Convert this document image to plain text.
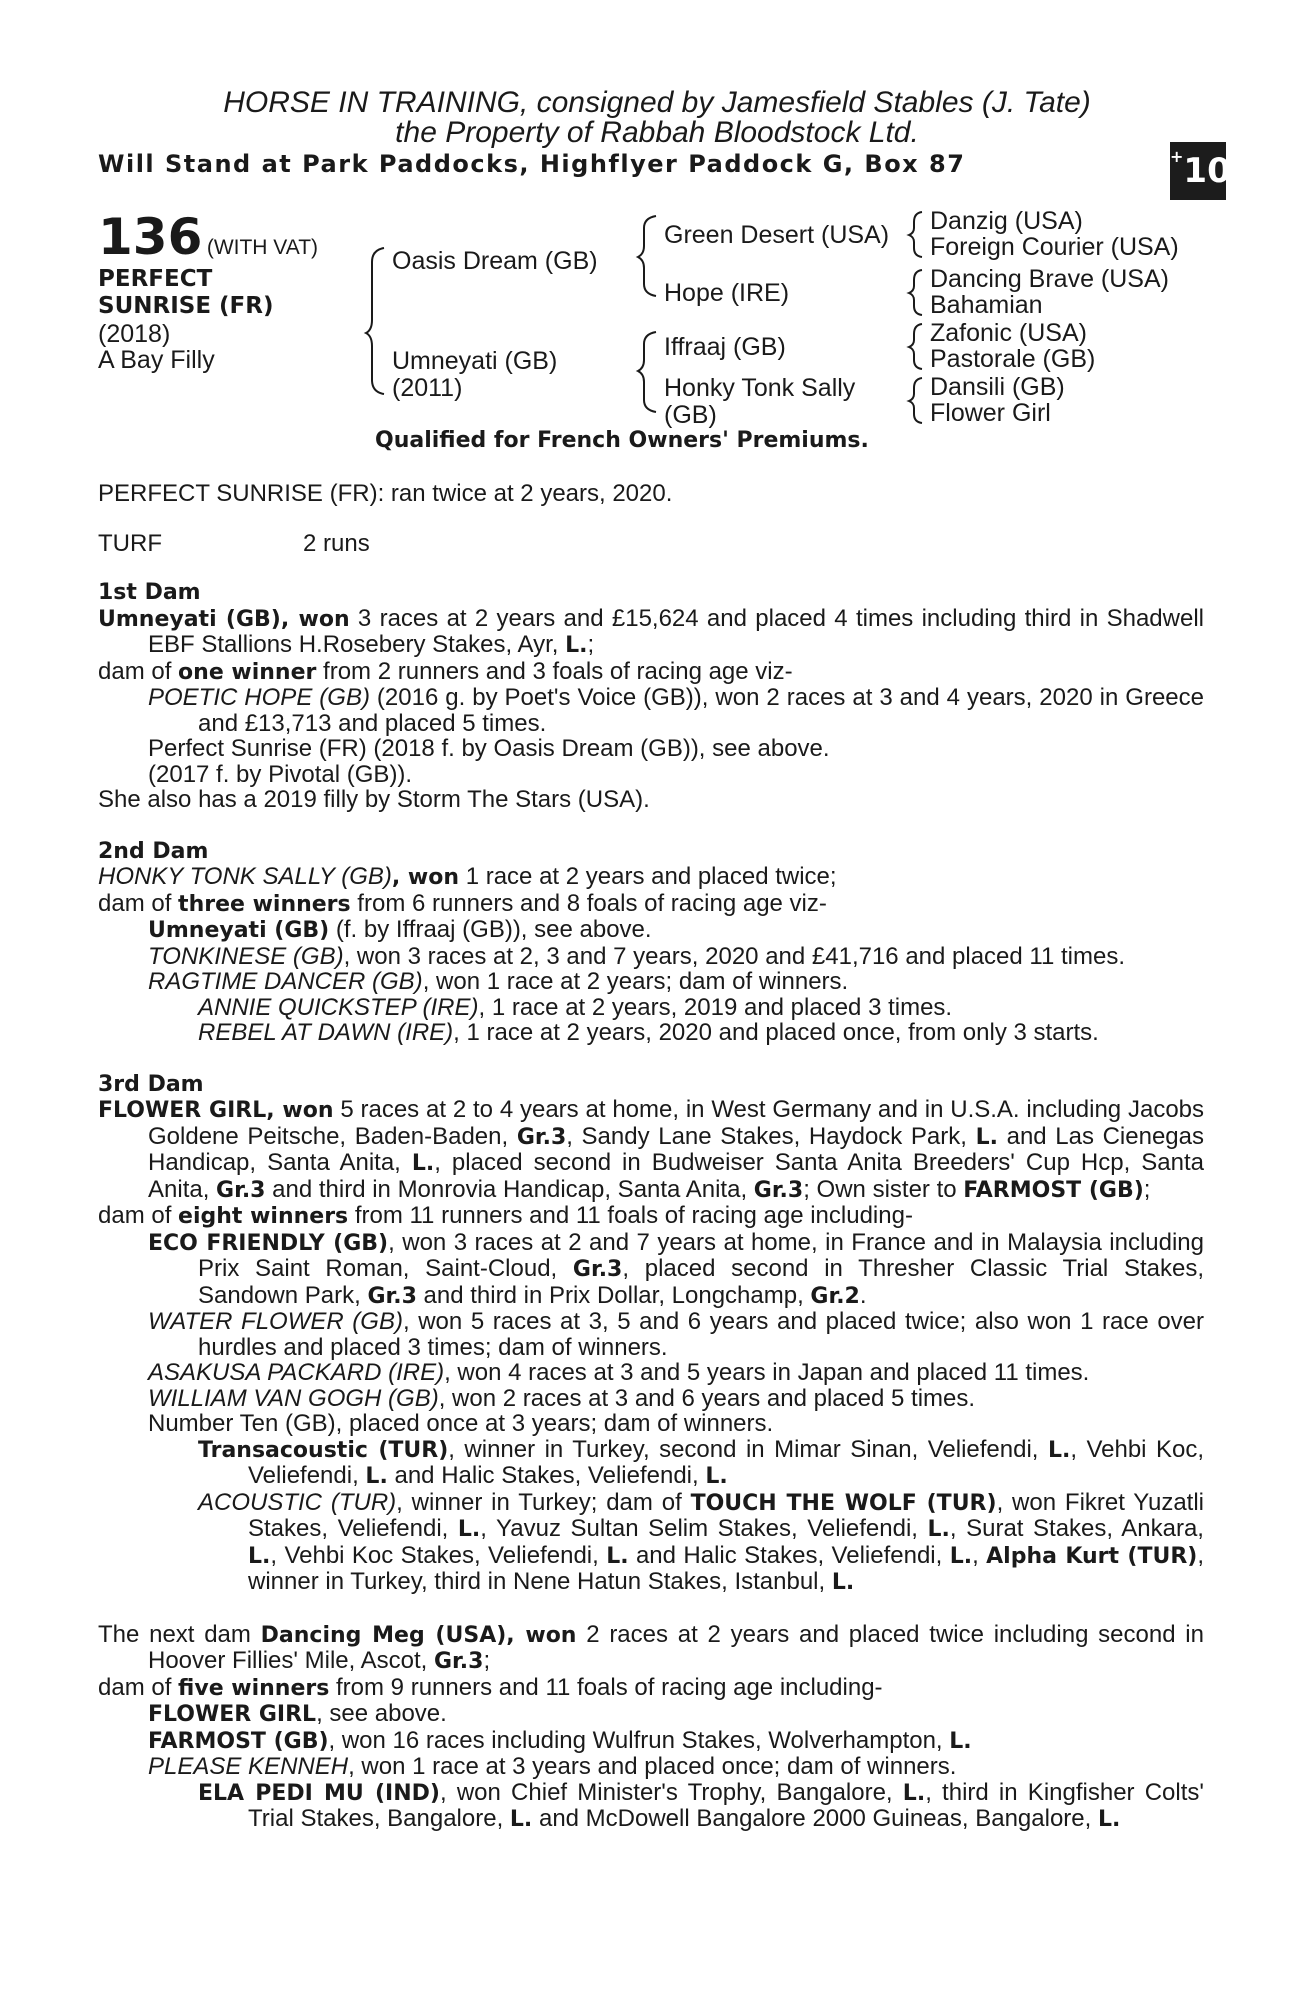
HORSE IN TRAINING, consigned by Jamesfield Stables (J. Tate)
the Property of Rabbah Bloodstock Ltd.
Will Stand at Park Paddocks, Highflyer Paddock G, Box 87	+10
136 (WITH VAT)
PERFECT
SUNRISE (FR)
(2018)
A Bay Filly
Oasis Dream (GB)
Umneyati (GB)
(2011)
Green Desert (USA)
Hope (IRE)
Iffraaj (GB)
Honky Tonk Sally
(GB)
Danzig (USA)
Foreign Courier (USA)
Dancing Brave (USA)
Bahamian
Zafonic (USA)
Pastorale (GB)
Dansili (GB)
Flower Girl
Qualified for French Owners' Premiums.
PERFECT SUNRISE (FR): ran twice at 2 years, 2020.
TURF	2 runs
1st Dam
Umneyati (GB), won 3 races at 2 years and £15,624 and placed 4 times including third in Shadwell EBF Stallions H.Rosebery Stakes, Ayr, L.;
dam of one winner from 2 runners and 3 foals of racing age viz-
POETIC HOPE (GB) (2016 g. by Poet's Voice (GB)), won 2 races at 3 and 4 years, 2020 in Greece and £13,713 and placed 5 times.
Perfect Sunrise (FR) (2018 f. by Oasis Dream (GB)), see above.
(2017 f. by Pivotal (GB)).
She also has a 2019 filly by Storm The Stars (USA).
2nd Dam
HONKY TONK SALLY (GB), won 1 race at 2 years and placed twice;
dam of three winners from 6 runners and 8 foals of racing age viz-
Umneyati (GB) (f. by Iffraaj (GB)), see above.
TONKINESE (GB), won 3 races at 2, 3 and 7 years, 2020 and £41,716 and placed 11 times.
RAGTIME DANCER (GB), won 1 race at 2 years; dam of winners.
ANNIE QUICKSTEP (IRE), 1 race at 2 years, 2019 and placed 3 times.
REBEL AT DAWN (IRE), 1 race at 2 years, 2020 and placed once, from only 3 starts.
3rd Dam
FLOWER GIRL, won 5 races at 2 to 4 years at home, in West Germany and in U.S.A. including Jacobs Goldene Peitsche, Baden-Baden, Gr.3, Sandy Lane Stakes, Haydock Park, L. and Las Cienegas Handicap, Santa Anita, L., placed second in Budweiser Santa Anita Breeders' Cup Hcp, Santa Anita, Gr.3 and third in Monrovia Handicap, Santa Anita, Gr.3; Own sister to FARMOST (GB);
dam of eight winners from 11 runners and 11 foals of racing age including-
ECO FRIENDLY (GB), won 3 races at 2 and 7 years at home, in France and in Malaysia including Prix Saint Roman, Saint-Cloud, Gr.3, placed second in Thresher Classic Trial Stakes, Sandown Park, Gr.3 and third in Prix Dollar, Longchamp, Gr.2.
WATER FLOWER (GB), won 5 races at 3, 5 and 6 years and placed twice; also won 1 race over hurdles and placed 3 times; dam of winners.
ASAKUSA PACKARD (IRE), won 4 races at 3 and 5 years in Japan and placed 11 times.
WILLIAM VAN GOGH (GB), won 2 races at 3 and 6 years and placed 5 times.
Number Ten (GB), placed once at 3 years; dam of winners.
Transacoustic (TUR), winner in Turkey, second in Mimar Sinan, Veliefendi, L., Vehbi Koc, Veliefendi, L. and Halic Stakes, Veliefendi, L.
ACOUSTIC (TUR), winner in Turkey; dam of TOUCH THE WOLF (TUR), won Fikret Yuzatli Stakes, Veliefendi, L., Yavuz Sultan Selim Stakes, Veliefendi, L., Surat Stakes, Ankara, L., Vehbi Koc Stakes, Veliefendi, L. and Halic Stakes, Veliefendi, L., Alpha Kurt (TUR), winner in Turkey, third in Nene Hatun Stakes, Istanbul, L.
The next dam Dancing Meg (USA), won 2 races at 2 years and placed twice including second in Hoover Fillies' Mile, Ascot, Gr.3;
dam of five winners from 9 runners and 11 foals of racing age including-
FLOWER GIRL, see above.
FARMOST (GB), won 16 races including Wulfrun Stakes, Wolverhampton, L.
PLEASE KENNEH, won 1 race at 3 years and placed once; dam of winners.
ELA PEDI MU (IND), won Chief Minister's Trophy, Bangalore, L., third in Kingfisher Colts' Trial Stakes, Bangalore, L. and McDowell Bangalore 2000 Guineas, Bangalore, L.
